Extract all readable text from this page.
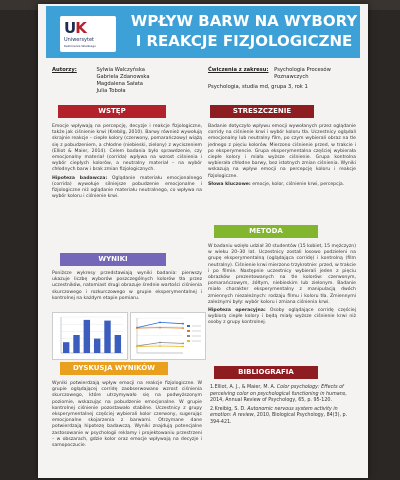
UK
Uniwersytet
Kazimierza Wielkiego
WPŁYW BARW NA WYBORY
I REAKCJE FIZJOLOGICZNE
Autorzy:	Sylwia Walczyńska
Gabriela Zdanowska
Magdalena Sałata
Julia Toboła
Ćwiczenia z zakresu: Psychologia Procesów
Poznawczych
Psychologia, studia md, grupa 3, rok 1
WSTĘP

Emocje wpływają na percepcję, decyzje i reakcje fizjologiczne, także jak ciśnienie krwi (Krebilg, 2010). Barwy również wywołują skrajnie reakcje – ciepłe kolory (czerwony, pomarańczowy) wiążą się z pobudzeniem, a chłodne (niebieski, zielony) z wyciszeniem (Elliot & Maier, 2014). Celem badania było sprawdzenie, czy emocjonalny materiał (corrida) wpływa na wzrost ciśnienia i wybór ciepłych kolorów, a neutralny materiał – na wybór chłodnych barw i brak zmian fizjologicznych.

Hipoteza badawcza: Oglądanie materiału emocjonalnego (corrida) wywołuje silniejsze pobudzenie emocjonalne i fizjologiczne niż oglądanie materiału neutralnego, co wpływa na wybór koloru i ciśnienie krwi.

STRESZCZENIE

Badanie dotyczyło wpływu emocji wywołanych przez oglądanie corridy na ciśnienie krwi i wybór koloru tła. Uczestnicy oglądali emocjonalny lub neutralny film, po czym wybierali obraz na tle jednego z pięciu kolorów. Mierzono ciśnienie przed, w trakcie i po eksperymencie. Grupa eksperymentalna częściej wybierała ciepłe kolory i miała wyższe ciśnienie. Grupa kontrolna wybierała chłodne barwy, bez istotnych zmian ciśnienia. Wyniki wskazują na wpływ emocji na percepcję koloru i reakcje fizjologiczne.

Słowa kluczowe: emocje, kolor, ciśnienie krwi, percepcja.

METODA

W badaniu wzięło udział 30 studentów (15 kobiet, 15 mężczyzn) w wieku 20–30 lat. Uczestnicy zostali losowo podzieleni na grupę eksperymentalną (oglądająca corridę) i kontrolną (film neutralny). Ciśnienie krwi mierzono trzykrotnie: przed, w trakcie i po filmie. Następnie uczestnicy wybierali jeden z pięciu obrazków prezentowanych na tle kolorów: czerwonym, pomarańczowym, żółtym, niebieskim lub zielonym. Badanie miało charakter eksperymentalny z manipulacją dwóch zmiennych niezależnych: rodzaju filmu i koloru tła. Zmiennymi zależnymi były: wybór koloru i zmiana ciśnienia krwi.

Hipoteza operacyjna: Osoby oglądające corridę częściej wybiorą ciepłe kolory i będą miały wyższe ciśnienie krwi niż osoby z grupy kontrolnej.

WYNIKI

Poniższe wykresy przedstawiają wyniki badania: pierwszy ukazuje liczbę wyborów poszczególnych kolorów tła przez uczestników, natomiast drugi obrazuje średnie wartości ciśnienia skurczowego i rozkurczowego w grupie eksperymentalnej i kontrolnej na każdym etapie pomiaru.

DYSKUSJA WYNIKÓW

Wyniki potwierdzają wpływ emocji na reakcje fizjologiczne. W grupie oglądającej corridę zaobserwowano wzrost ciśnienia skurczowego, które utrzymywało się na podwyższonym poziomie, wskazując na pobudzenie emocjonalne. W grupie kontrolnej ciśnienie pozostawało stabilne. Uczestnicy z grupy eksperymentalnej częściej wybierali kolor czerwony, sugerując emocjonalne skojarzenia z barwami. Otrzymane dane potwierdzają hipotezę badawczą. Wyniki znajdują potencjalne zastosowanie w psychologii reklamy i projektowaniu przestrzeni – w obszarach, gdzie kolor oraz emocje wpływają na decyzje i samopoczucie.

BIBLIOGRAFIA
1.Elliot, A. J., & Maier, M. A. Color psychology: Effects of perceiving color on psychological functioning in humans, 2014, Annual Review of Psychology, 65, p. 95-120.
2.Kreibig, S. D. Autonomic nervous system activity in emotion: A review, 2010, Biological Psychology, 84(3), p. 394-421.
